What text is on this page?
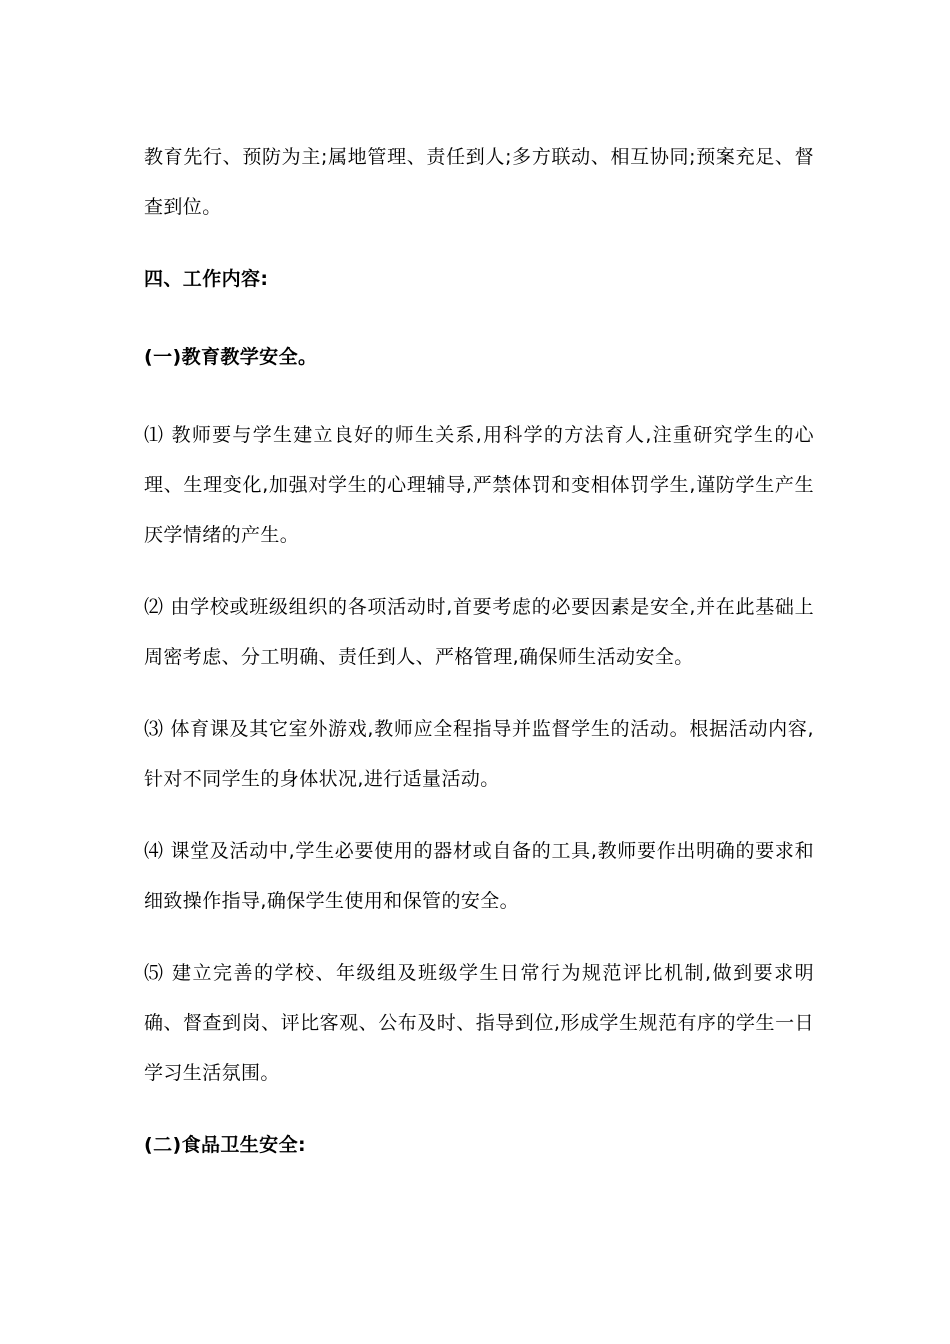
教育先行、预防为主;属地管理、责任到人;多方联动、相互协同;预案充足、督查到位。

四、工作内容:

(一)教育教学安全。

⑴ 教师要与学生建立良好的师生关系,用科学的方法育人,注重研究学生的心理、生理变化,加强对学生的心理辅导,严禁体罚和变相体罚学生,谨防学生产生厌学情绪的产生。

⑵ 由学校或班级组织的各项活动时,首要考虑的必要因素是安全,并在此基础上周密考虑、分工明确、责任到人、严格管理,确保师生活动安全。

⑶ 体育课及其它室外游戏,教师应全程指导并监督学生的活动。根据活动内容,针对不同学生的身体状况,进行适量活动。

⑷ 课堂及活动中,学生必要使用的器材或自备的工具,教师要作出明确的要求和细致操作指导,确保学生使用和保管的安全。

⑸ 建立完善的学校、年级组及班级学生日常行为规范评比机制,做到要求明确、督查到岗、评比客观、公布及时、指导到位,形成学生规范有序的学生一日学习生活氛围。

(二)食品卫生安全:
